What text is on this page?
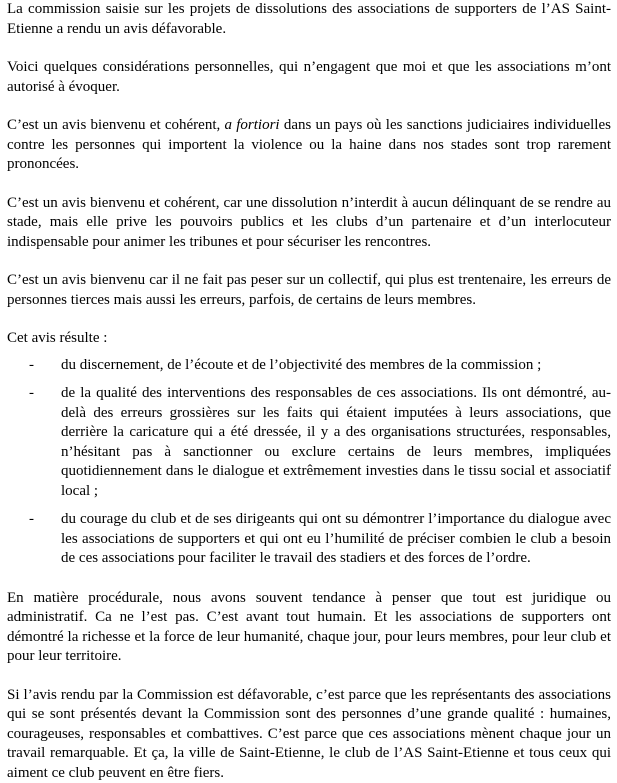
La commission saisie sur les projets de dissolutions des associations de supporters de l’AS Saint-Etienne a rendu un avis défavorable.

Voici quelques considérations personnelles, qui n’engagent que moi et que les associations m’ont autorisé à évoquer.

C’est un avis bienvenu et cohérent, a fortiori dans un pays où les sanctions judiciaires individuelles contre les personnes qui importent la violence ou la haine dans nos stades sont trop rarement prononcées.

C’est un avis bienvenu et cohérent, car une dissolution n’interdit à aucun délinquant de se rendre au stade, mais elle prive les pouvoirs publics et les clubs d’un partenaire et d’un interlocuteur indispensable pour animer les tribunes et pour sécuriser les rencontres.

C’est un avis bienvenu car il ne fait pas peser sur un collectif, qui plus est trentenaire, les erreurs de personnes tierces mais aussi les erreurs, parfois, de certains de leurs membres.

Cet avis résulte :

- du discernement, de l’écoute et de l’objectivité des membres de la commission ;
- de la qualité des interventions des responsables de ces associations. Ils ont démontré, au-delà des erreurs grossières sur les faits qui étaient imputées à leurs associations, que derrière la caricature qui a été dressée, il y a des organisations structurées, responsables, n’hésitant pas à sanctionner ou exclure certains de leurs membres, impliquées quotidiennement dans le dialogue et extrêmement investies dans le tissu social et associatif local ;
- du courage du club et de ses dirigeants qui ont su démontrer l’importance du dialogue avec les associations de supporters et qui ont eu l’humilité de préciser combien le club a besoin de ces associations pour faciliter le travail des stadiers et des forces de l’ordre.

En matière procédurale, nous avons souvent tendance à penser que tout est juridique ou administratif. Ca ne l’est pas. C’est avant tout humain. Et les associations de supporters ont démontré la richesse et la force de leur humanité, chaque jour, pour leurs membres, pour leur club et pour leur territoire.

Si l’avis rendu par la Commission est défavorable, c’est parce que les représentants des associations qui se sont présentés devant la Commission sont des personnes d’une grande qualité : humaines, courageuses, responsables et combattives. C’est parce que ces associations mènent chaque jour un travail remarquable. Et ça, la ville de Saint-Etienne, le club de l’AS Saint-Etienne et tous ceux qui aiment ce club peuvent en être fiers.
